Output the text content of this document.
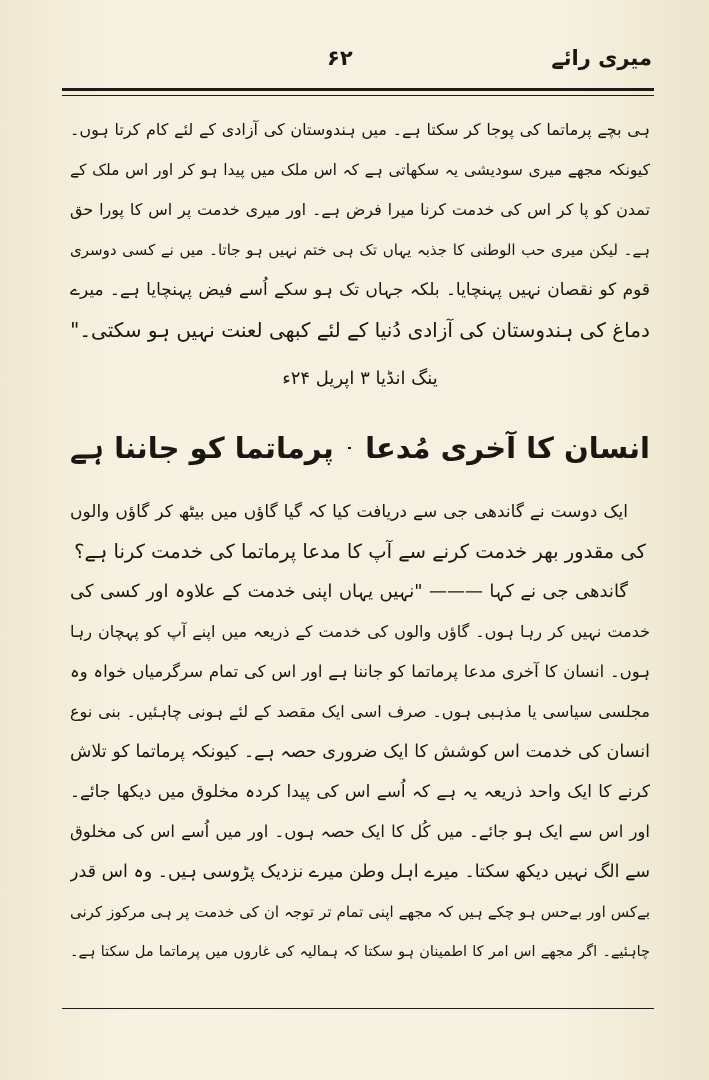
میری رائے
۶۲
ہی بچے پرماتما کی پوجا کر سکتا ہے۔ میں ہندوستان کی آزادی کے لئے کام کرتا ہوں۔
کیونکہ مجھے میری سودیشی یہ سکھاتی ہے کہ اس ملک میں پیدا ہو کر اور اس ملک کے
تمدن کو پا کر اس کی خدمت کرنا میرا فرض ہے۔ اور میری خدمت پر اس کا پورا حق
ہے۔ لیکن میری حب الوطنی کا جذبہ یہاں تک ہی ختم نہیں ہو جاتا۔ میں نے کسی دوسری
قوم کو نقصان نہیں پہنچایا۔ بلکہ جہاں تک ہو سکے اُسے فیض پہنچایا ہے۔ میرے
دماغ کی ہندوستان کی آزادی دُنیا کے لئے کبھی لعنت نہیں ہو سکتی۔"
ینگ انڈیا ۳ اپریل ۲۴ء
انسان کا آخری مُدعا
پرماتما کو جاننا ہے
ایک دوست نے گاندھی جی سے دریافت کیا کہ گیا گاؤں میں بیٹھ کر گاؤں والوں
کی مقدور بھر خدمت کرنے سے آپ کا مدعا پرماتما کی خدمت کرنا ہے؟
گاندھی جی نے کہا ——— "نہیں یہاں اپنی خدمت کے علاوہ اور کسی کی
خدمت نہیں کر رہا ہوں۔ گاؤں والوں کی خدمت کے ذریعہ میں اپنے آپ کو پہچان رہا
ہوں۔ انسان کا آخری مدعا پرماتما کو جاننا ہے اور اس کی تمام سرگرمیاں خواہ وہ
مجلسی سیاسی یا مذہبی ہوں۔ صرف اسی ایک مقصد کے لئے ہونی چاہئیں۔ بنی نوع
انسان کی خدمت اس کوشش کا ایک ضروری حصہ ہے۔ کیونکہ پرماتما کو تلاش
کرنے کا ایک واحد ذریعہ یہ ہے کہ اُسے اس کی پیدا کردہ مخلوق میں دیکھا جائے۔
اور اس سے ایک ہو جائے۔ میں کُل کا ایک حصہ ہوں۔ اور میں اُسے اس کی مخلوق
سے الگ نہیں دیکھ سکتا۔ میرے اہل وطن میرے نزدیک پڑوسی ہیں۔ وہ اس قدر
بےکس اور بےحس ہو چکے ہیں کہ مجھے اپنی تمام تر توجہ ان کی خدمت پر ہی مرکوز کرنی
چاہئیے۔ اگر مجھے اس امر کا اطمینان ہو سکتا کہ ہمالیہ کی غاروں میں پرماتما مل سکتا ہے۔
